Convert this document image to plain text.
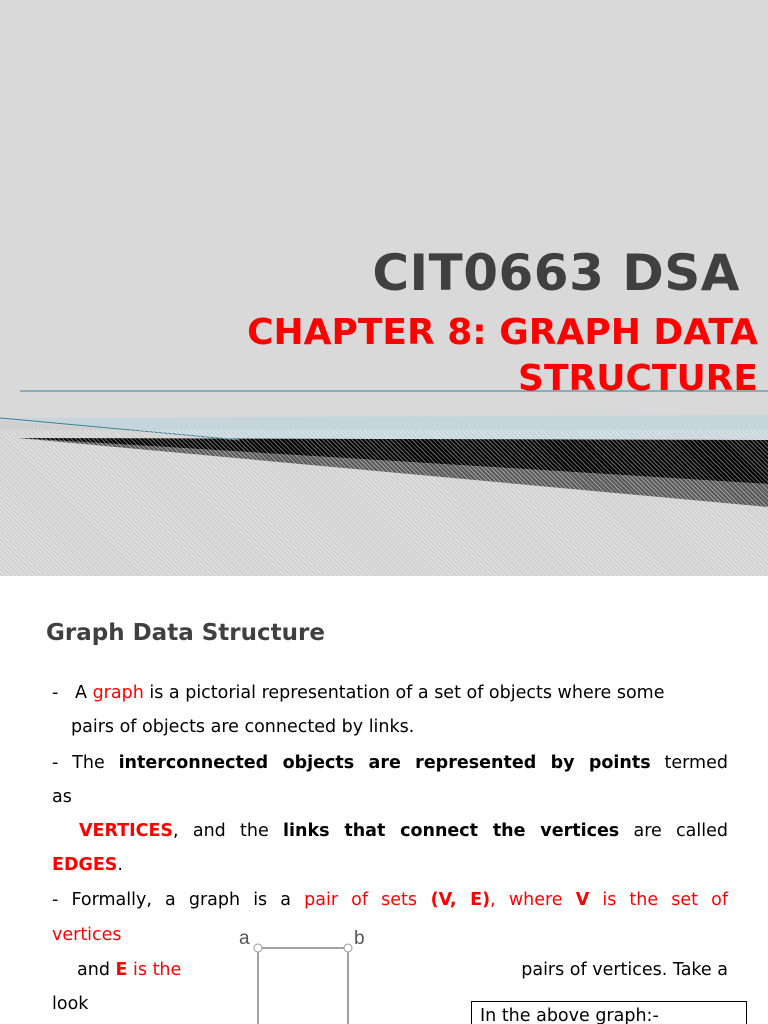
CIT0663 DSA
CHAPTER 8: GRAPH DATA
STRUCTURE
Graph Data Structure
- A graph is a pictorial representation of a set of objects where some
pairs of objects are connected by links.
- The interconnected objects are represented by points termed
as
VERTICES, and the links that connect the vertices are called
EDGES.
- Formally, a graph is a pair of sets (V, E), where V is the set of
vertices
and E is the	pairs of vertices. Take a
look
a	b
In the above graph:-
